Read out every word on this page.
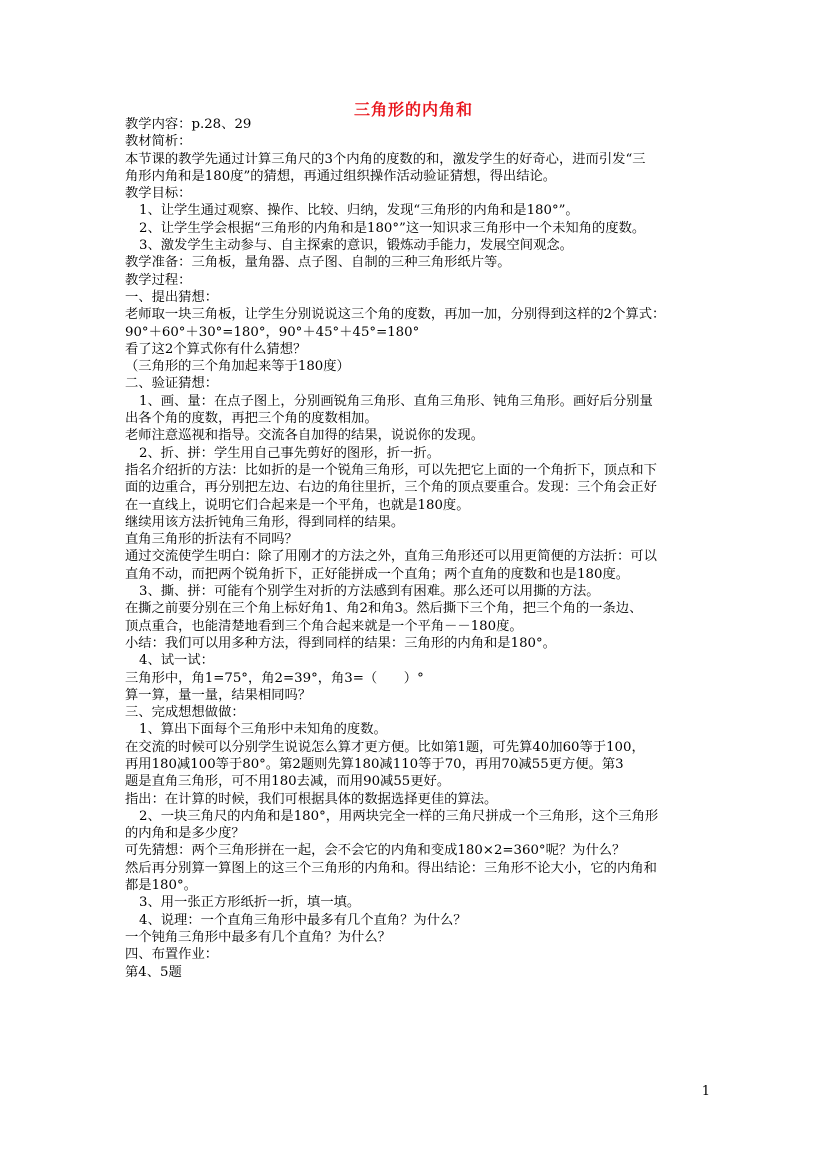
三角形的内角和
教学内容：p.28、29
教材简析：
本节课的教学先通过计算三角尺的3个内角的度数的和，激发学生的好奇心，进而引发“三
角形内角和是180度”的猜想，再通过组织操作活动验证猜想，得出结论。
教学目标：
1、让学生通过观察、操作、比较、归纳，发现“三角形的内角和是180°”。
2、让学生学会根据“三角形的内角和是180°”这一知识求三角形中一个未知角的度数。
3、激发学生主动参与、自主探索的意识，锻炼动手能力，发展空间观念。
教学准备：三角板，量角器、点子图、自制的三种三角形纸片等。
教学过程：
一、提出猜想：
老师取一块三角板，让学生分别说说这三个角的度数，再加一加，分别得到这样的2个算式：
90°＋60°＋30°=180°，90°＋45°＋45°=180°
看了这2个算式你有什么猜想？
（三角形的三个角加起来等于180度）
二、验证猜想：
1、画、量：在点子图上，分别画锐角三角形、直角三角形、钝角三角形。画好后分别量
出各个角的度数，再把三个角的度数相加。
老师注意巡视和指导。交流各自加得的结果，说说你的发现。
2、折、拼：学生用自己事先剪好的图形，折一折。
指名介绍折的方法：比如折的是一个锐角三角形，可以先把它上面的一个角折下，顶点和下
面的边重合，再分别把左边、右边的角往里折，三个角的顶点要重合。发现：三个角会正好
在一直线上，说明它们合起来是一个平角，也就是180度。
继续用该方法折钝角三角形，得到同样的结果。
直角三角形的折法有不同吗？
通过交流使学生明白：除了用刚才的方法之外，直角三角形还可以用更简便的方法折：可以
直角不动，而把两个锐角折下，正好能拼成一个直角；两个直角的度数和也是180度。
3、撕、拼：可能有个别学生对折的方法感到有困难。那么还可以用撕的方法。
在撕之前要分别在三个角上标好角1、角2和角3。然后撕下三个角，把三个角的一条边、
顶点重合，也能清楚地看到三个角合起来就是一个平角－－180度。
小结：我们可以用多种方法，得到同样的结果：三角形的内角和是180°。
4、试一试：
三角形中，角1=75°，角2=39°，角3=（　　）°
算一算，量一量，结果相同吗？
三、完成想想做做：
1、算出下面每个三角形中未知角的度数。
在交流的时候可以分别学生说说怎么算才更方便。比如第1题，可先算40加60等于100，
再用180减100等于80°。第2题则先算180减110等于70，再用70减55更方便。第3
题是直角三角形，可不用180去减，而用90减55更好。
指出：在计算的时候，我们可根据具体的数据选择更佳的算法。
2、一块三角尺的内角和是180°，用两块完全一样的三角尺拼成一个三角形，这个三角形
的内角和是多少度？
可先猜想：两个三角形拼在一起，会不会它的内角和变成180×2=360°呢？为什么？
然后再分别算一算图上的这三个三角形的内角和。得出结论：三角形不论大小，它的内角和
都是180°。
3、用一张正方形纸折一折，填一填。
4、说理：一个直角三角形中最多有几个直角？为什么？
一个钝角三角形中最多有几个直角？为什么？
四、布置作业：
第4、5题
1
